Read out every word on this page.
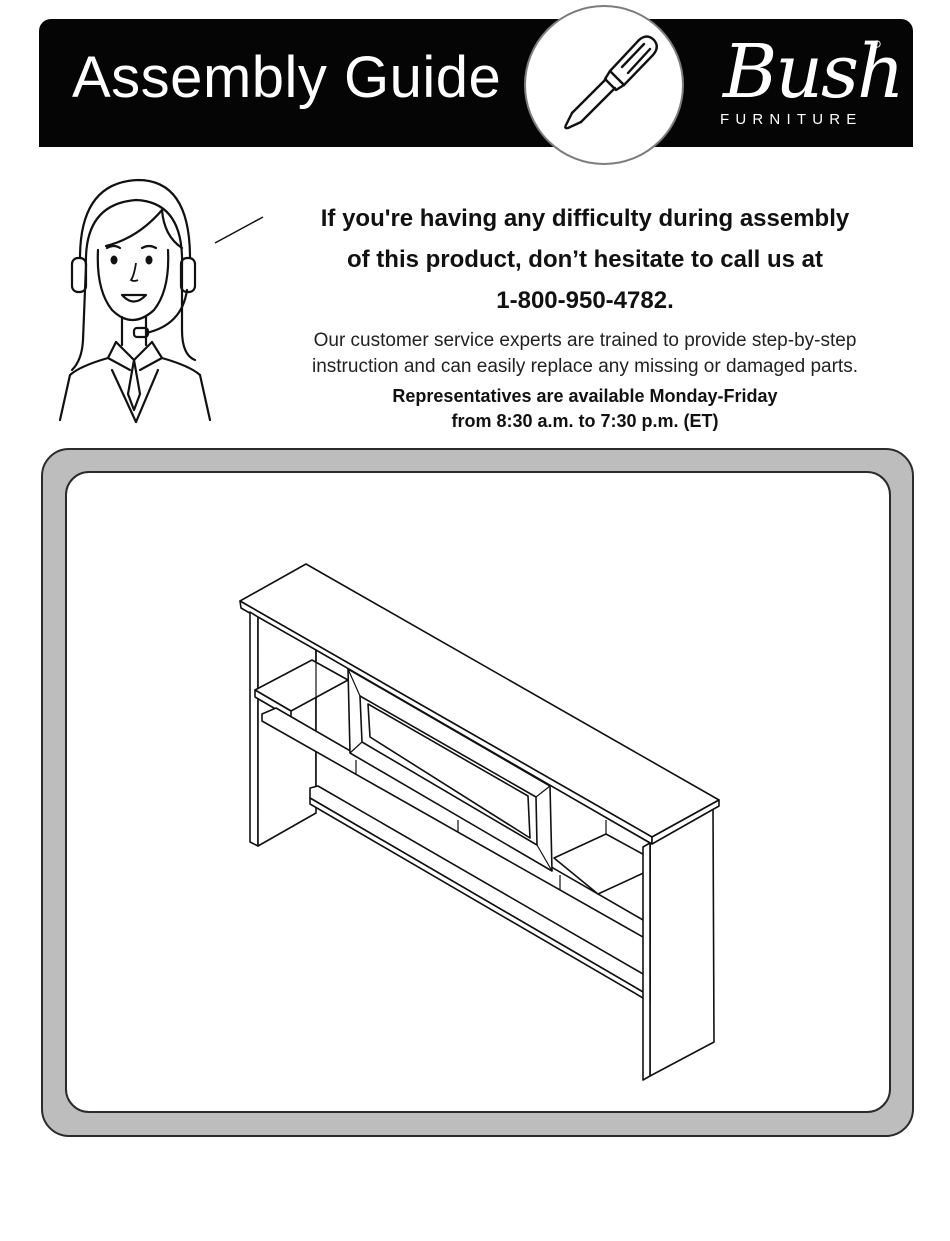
Assembly Guide	Bush
FURNITURE
If you're having any difficulty during assembly
of this product, don’t hesitate to call us at
1-800-950-4782.
Our customer service experts are trained to provide step-by-step
instruction and can easily replace any missing or damaged parts.
Representatives are available Monday-Friday
from 8:30 a.m. to 7:30 p.m. (ET)
